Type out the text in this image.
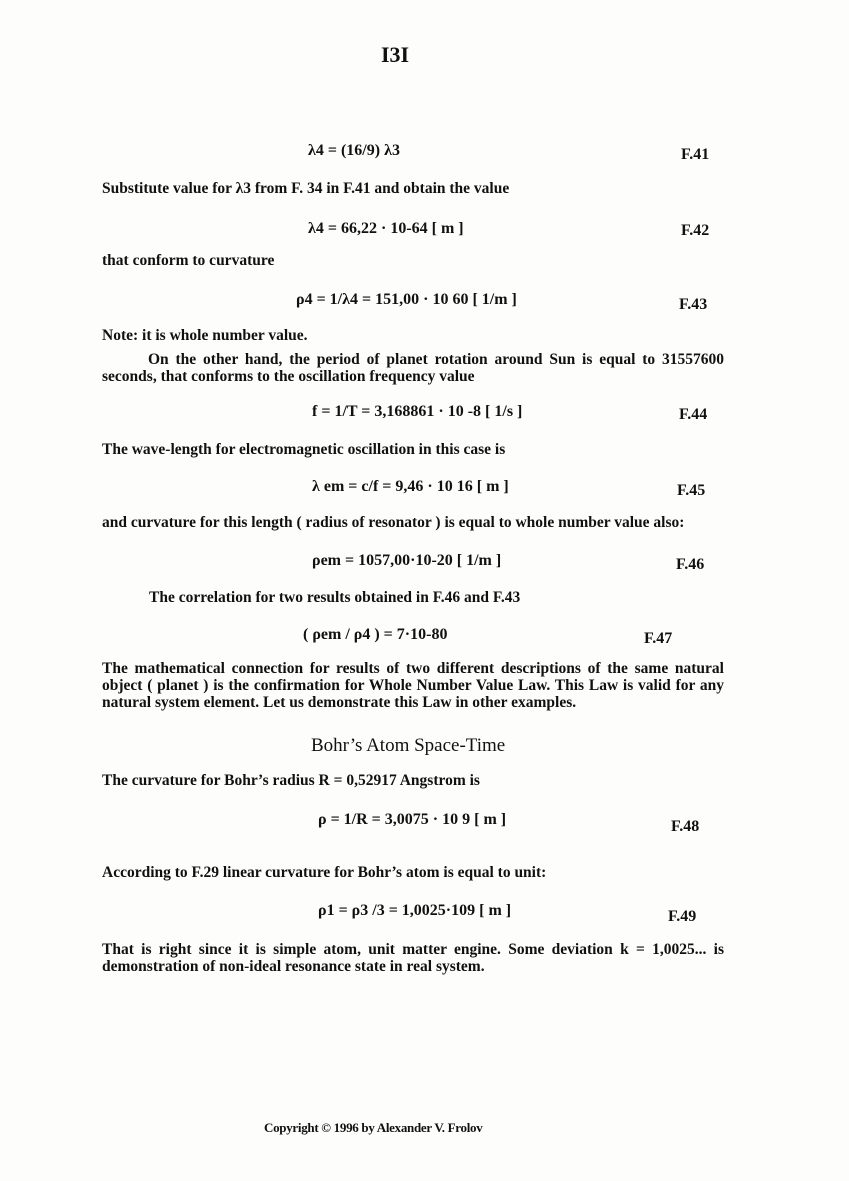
I3I
λ4 = (16/9) λ3	F.41
Substitute value for λ3 from F. 34 in F.41 and obtain the value
λ4 = 66,22 · 10-64 [ m ]	F.42
that conform to curvature
ρ4 = 1/λ4 = 151,00 · 10 60 [ 1/m ]	F.43
Note: it is whole number value.
On the other hand, the period of planet rotation around Sun is equal to 31557600 seconds, that conforms to the oscillation frequency value
f = 1/T = 3,168861 · 10 -8 [ 1/s ]	F.44
The wave-length for electromagnetic oscillation in this case is
λ em = c/f = 9,46 · 10 16 [ m ]	F.45
and curvature for this length ( radius of resonator ) is equal to whole number value also:
ρem = 1057,00·10-20 [ 1/m ]	F.46
The correlation for two results obtained in F.46 and F.43
( ρem / ρ4 ) = 7·10-80	F.47
The mathematical connection for results of two different descriptions of the same natural object ( planet ) is the confirmation for Whole Number Value Law. This Law is valid for any natural system element. Let us demonstrate this Law in other examples.
Bohr’s Atom Space-Time
The curvature for Bohr’s radius R = 0,52917 Angstrom is
ρ = 1/R = 3,0075 · 10 9 [ m ]	F.48
According to F.29 linear curvature for Bohr’s atom is equal to unit:
ρ1 = ρ3 /3 = 1,0025·109 [ m ]	F.49
That is right since it is simple atom, unit matter engine. Some deviation k = 1,0025... is demonstration of non-ideal resonance state in real system.
Copyright © 1996 by Alexander V. Frolov
